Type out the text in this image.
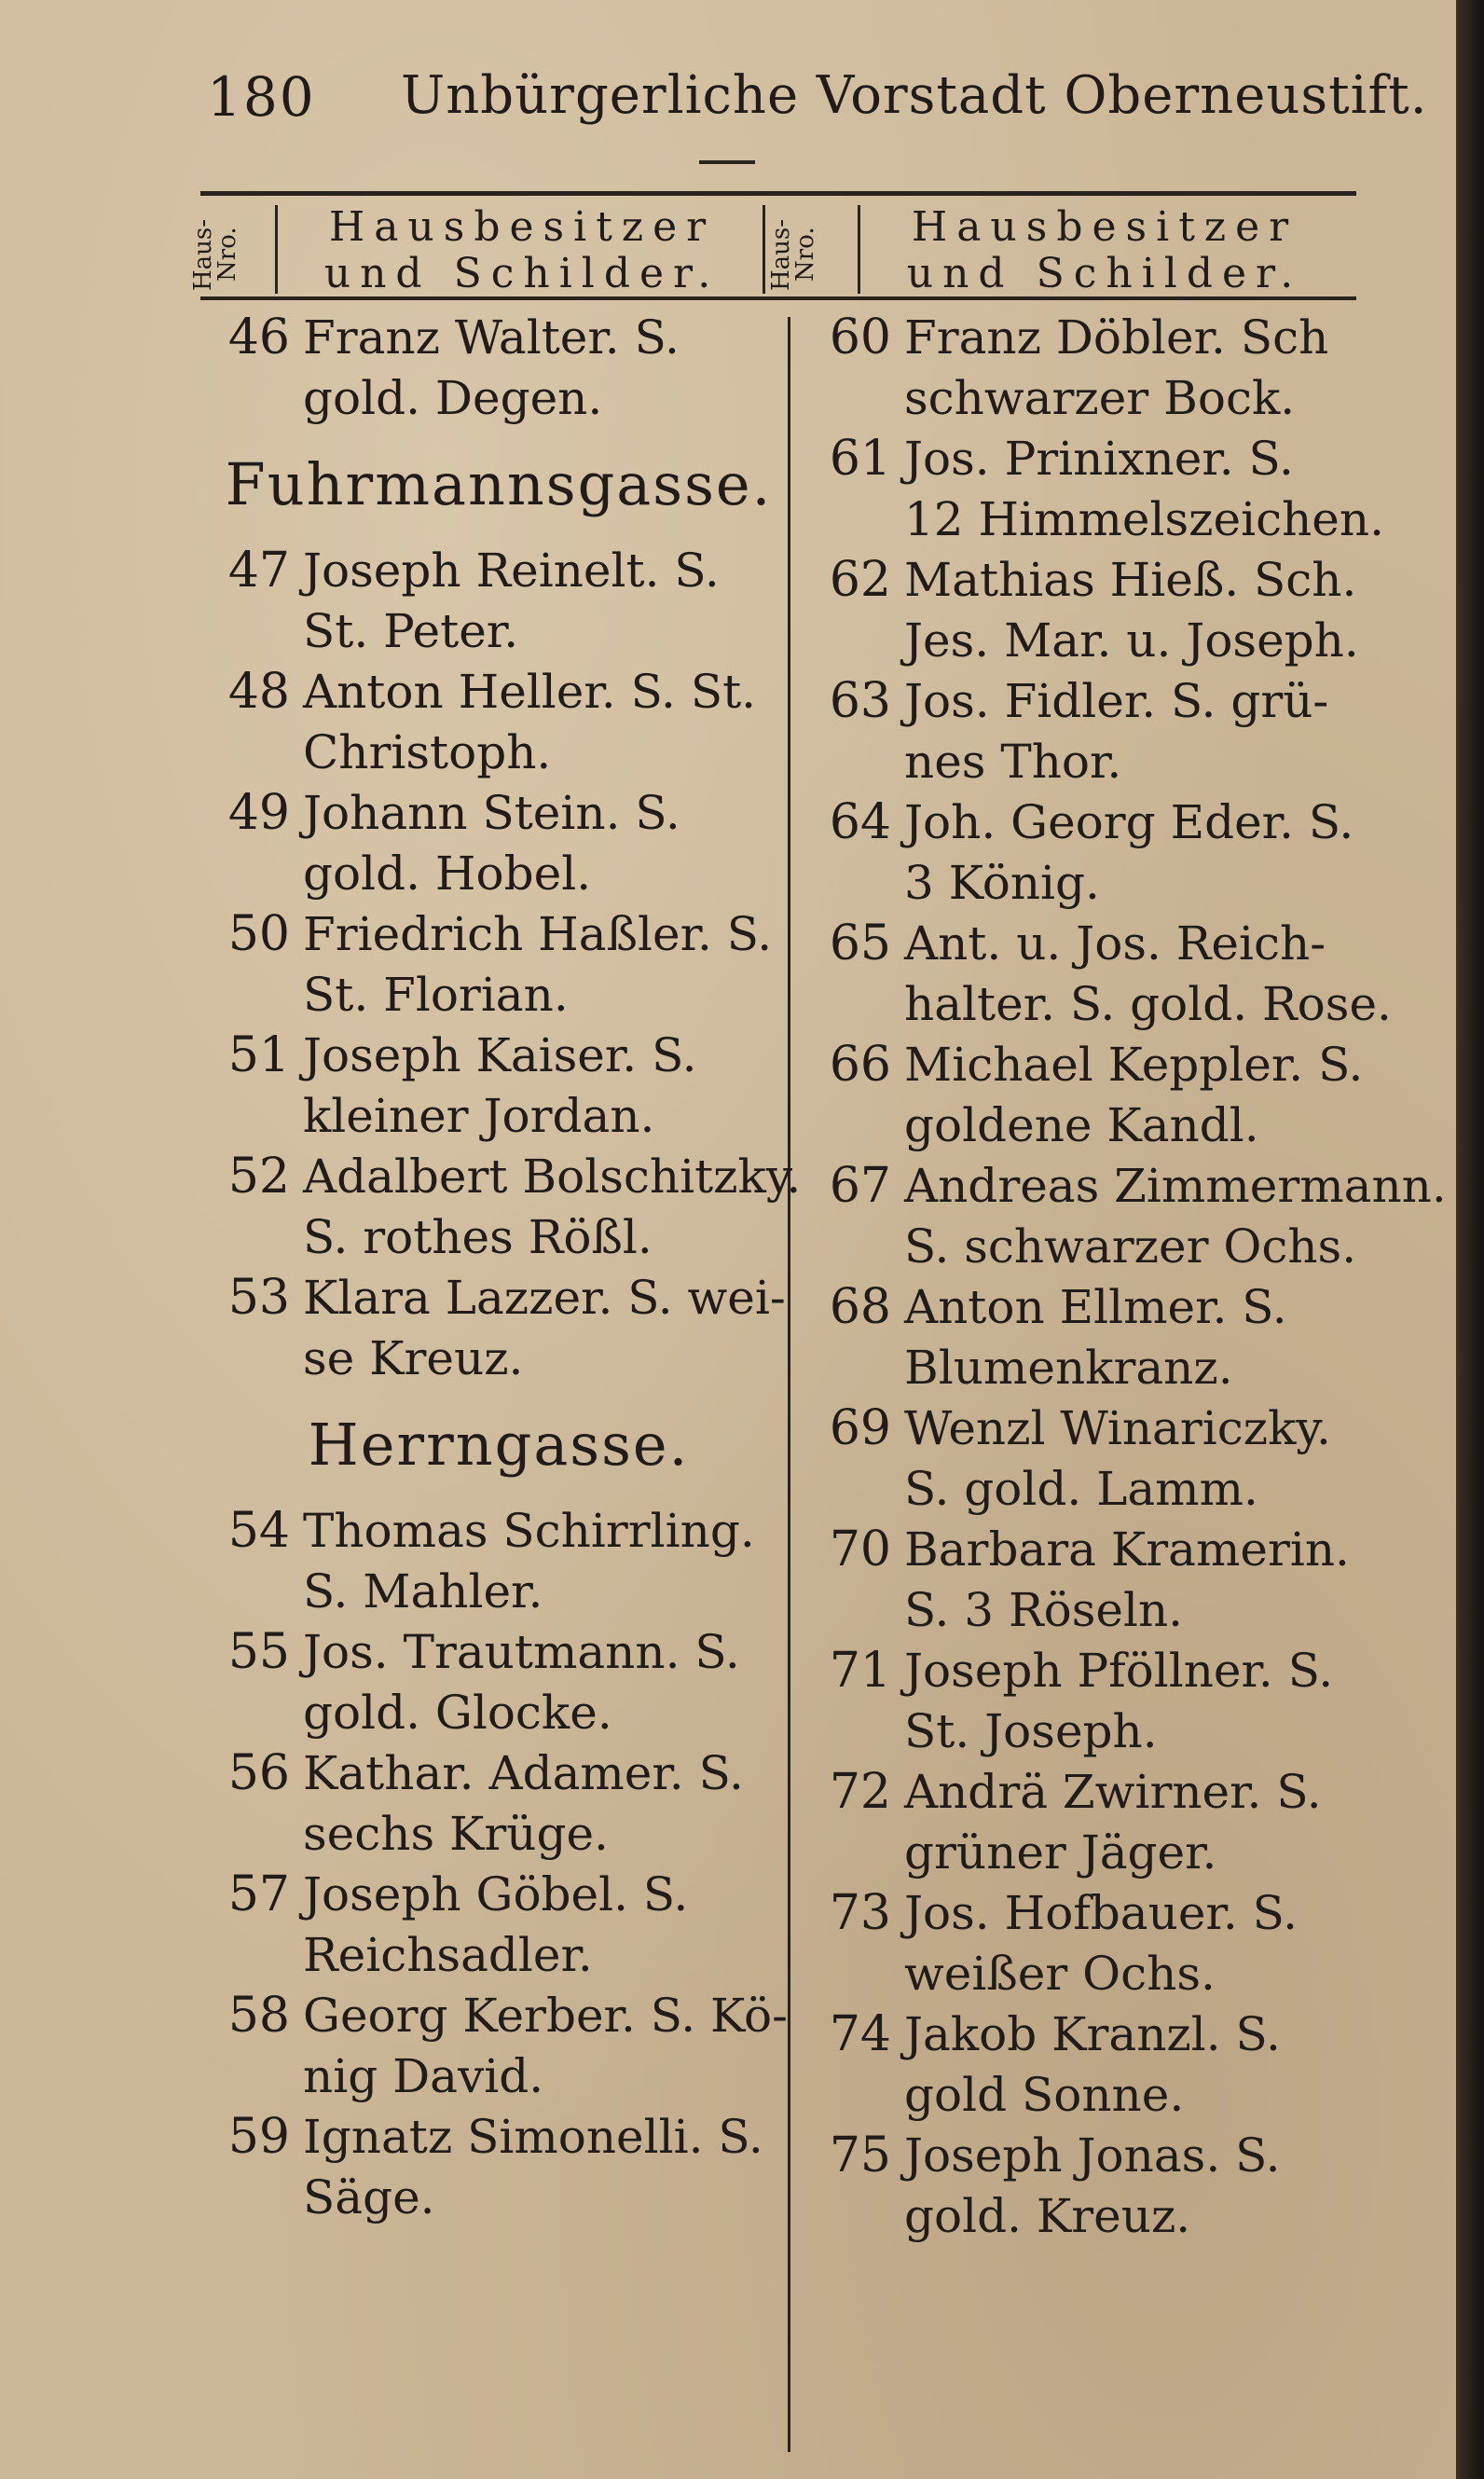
180 Unbürgerliche Vorstadt Oberneustift.
Haus-Nro.
Hausbesitzer
und Schilder.	Haus-Nro.
Hausbesitzer
und Schilder.
46 Franz Walter. S.
gold. Degen.
Fuhrmannsgasse.
47 Joseph Reinelt. S.
St. Peter.
48 Anton Heller. S. St.
Christoph.
49 Johann Stein. S.
gold. Hobel.
50 Friedrich Haßler. S.
St. Florian.
51 Joseph Kaiser. S.
kleiner Jordan.
52 Adalbert Bolschitzky.
S. rothes Rößl.
53 Klara Lazzer. S. wei-
se Kreuz.
Herrngasse.
54 Thomas Schirrling.
S. Mahler.
55 Jos. Trautmann. S.
gold. Glocke.
56 Kathar. Adamer. S.
sechs Krüge.
57 Joseph Göbel. S.
Reichsadler.
58 Georg Kerber. S. Kö-
nig David.
59 Ignatz Simonelli. S.
Säge.
60 Franz Döbler. Sch
schwarzer Bock.
61 Jos. Prinixner. S.
12 Himmelszeichen.
62 Mathias Hieß. Sch.
Jes. Mar. u. Joseph.
63 Jos. Fidler. S. grü-
nes Thor.
64 Joh. Georg Eder. S.
3 König.
65 Ant. u. Jos. Reich-
halter. S. gold. Rose.
66 Michael Keppler. S.
goldene Kandl.
67 Andreas Zimmermann.
S. schwarzer Ochs.
68 Anton Ellmer. S.
Blumenkranz.
69 Wenzl Winariczky.
S. gold. Lamm.
70 Barbara Kramerin.
S. 3 Röseln.
71 Joseph Pföllner. S.
St. Joseph.
72 Andrä Zwirner. S.
grüner Jäger.
73 Jos. Hofbauer. S.
weißer Ochs.
74 Jakob Kranzl. S.
gold Sonne.
75 Joseph Jonas. S.
gold. Kreuz.
